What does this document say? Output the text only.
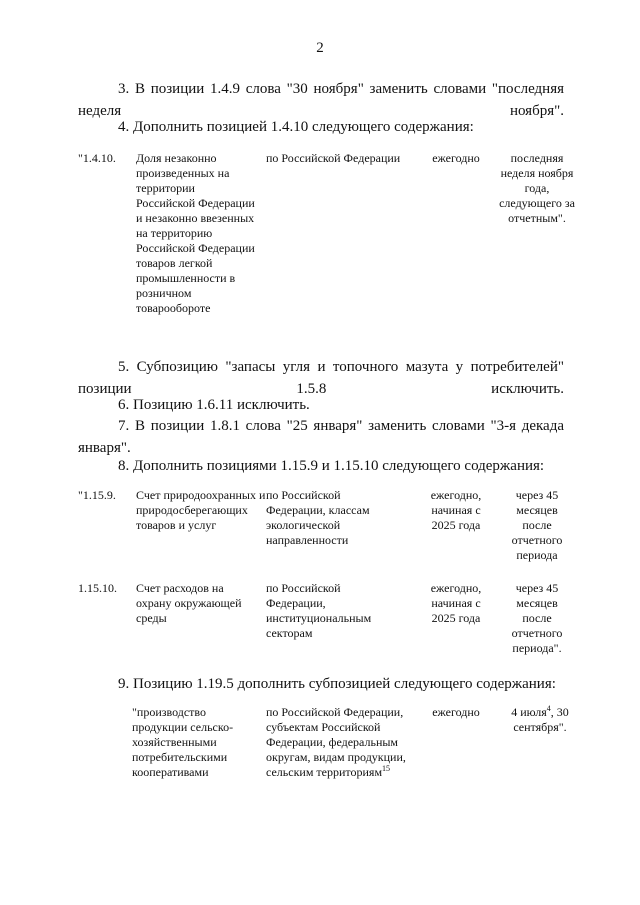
2
3. В позиции 1.4.9 слова "30 ноября" заменить словами "последняя неделя ноября".
4. Дополнить позицией 1.4.10 следующего содержания:
"1.4.10.	Доля незаконно произведенных на территории Российской Федерации и незаконно ввезенных на территорию Российской Федерации товаров легкой промышленности в розничном товарообороте
по Российской Федерации	ежегодно	последняя неделя ноября года, следующего за отчетным".
5. Субпозицию "запасы угля и топочного мазута у потребителей" позиции 1.5.8 исключить.
6. Позицию 1.6.11 исключить.
7. В позиции 1.8.1 слова "25 января" заменить словами "3-я декада января".
8. Дополнить позициями 1.15.9 и 1.15.10 следующего содержания:
"1.15.9.	Счет природоохранных и природосберегающих товаров и услуг
по Российской Федерации, классам экологической направленности
ежегодно, начиная с 2025 года
через 45 месяцев после отчетного периода
1.15.10.	Счет расходов на охрану окружающей среды
по Российской Федерации, институциональным секторам
ежегодно, начиная с 2025 года
через 45 месяцев после отчетного периода".
9. Позицию 1.19.5 дополнить субпозицией следующего содержания:
"производство продукции сельско-хозяйственными потребительскими кооперативами
по Российской Федерации, субъектам Российской Федерации, федеральным округам, видам продукции, сельским территориям$^{15}$
ежегодно	4 июля$^4$, 30 сентября".
